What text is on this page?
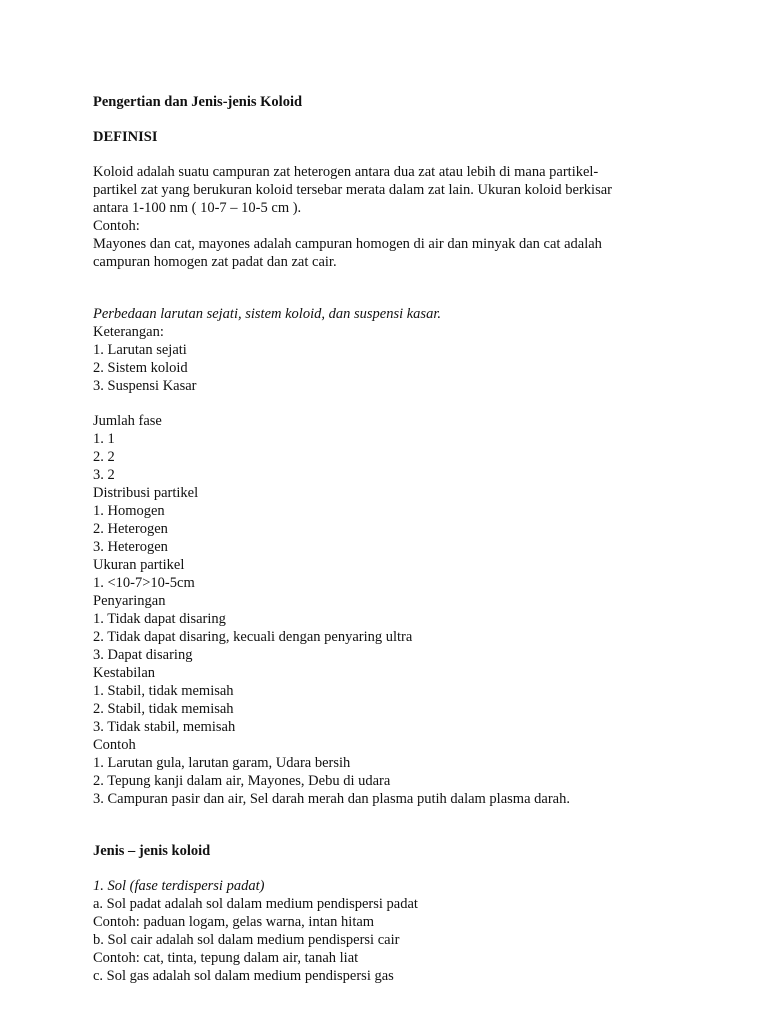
Pengertian dan Jenis-jenis Koloid
DEFINISI
Koloid adalah suatu campuran zat heterogen antara dua zat atau lebih di mana partikel-
partikel zat yang berukuran koloid tersebar merata dalam zat lain. Ukuran koloid berkisar
antara 1-100 nm ( 10-7 – 10-5 cm ).
Contoh:
Mayones dan cat, mayones adalah campuran homogen di air dan minyak dan cat adalah
campuran homogen zat padat dan zat cair.
Perbedaan larutan sejati, sistem koloid, dan suspensi kasar.
Keterangan:
1. Larutan sejati
2. Sistem koloid
3. Suspensi Kasar
Jumlah fase
1. 1
2. 2
3. 2
Distribusi partikel
1. Homogen
2. Heterogen
3. Heterogen
Ukuran partikel
1. <10-7>10-5cm
Penyaringan
1. Tidak dapat disaring
2. Tidak dapat disaring, kecuali dengan penyaring ultra
3. Dapat disaring
Kestabilan
1. Stabil, tidak memisah
2. Stabil, tidak memisah
3. Tidak stabil, memisah
Contoh
1. Larutan gula, larutan garam, Udara bersih
2. Tepung kanji dalam air, Mayones, Debu di udara
3. Campuran pasir dan air, Sel darah merah dan plasma putih dalam plasma darah.
Jenis – jenis koloid
1. Sol (fase terdispersi padat)
a. Sol padat adalah sol dalam medium pendispersi padat
Contoh: paduan logam, gelas warna, intan hitam
b. Sol cair adalah sol dalam medium pendispersi cair
Contoh: cat, tinta, tepung dalam air, tanah liat
c. Sol gas adalah sol dalam medium pendispersi gas
